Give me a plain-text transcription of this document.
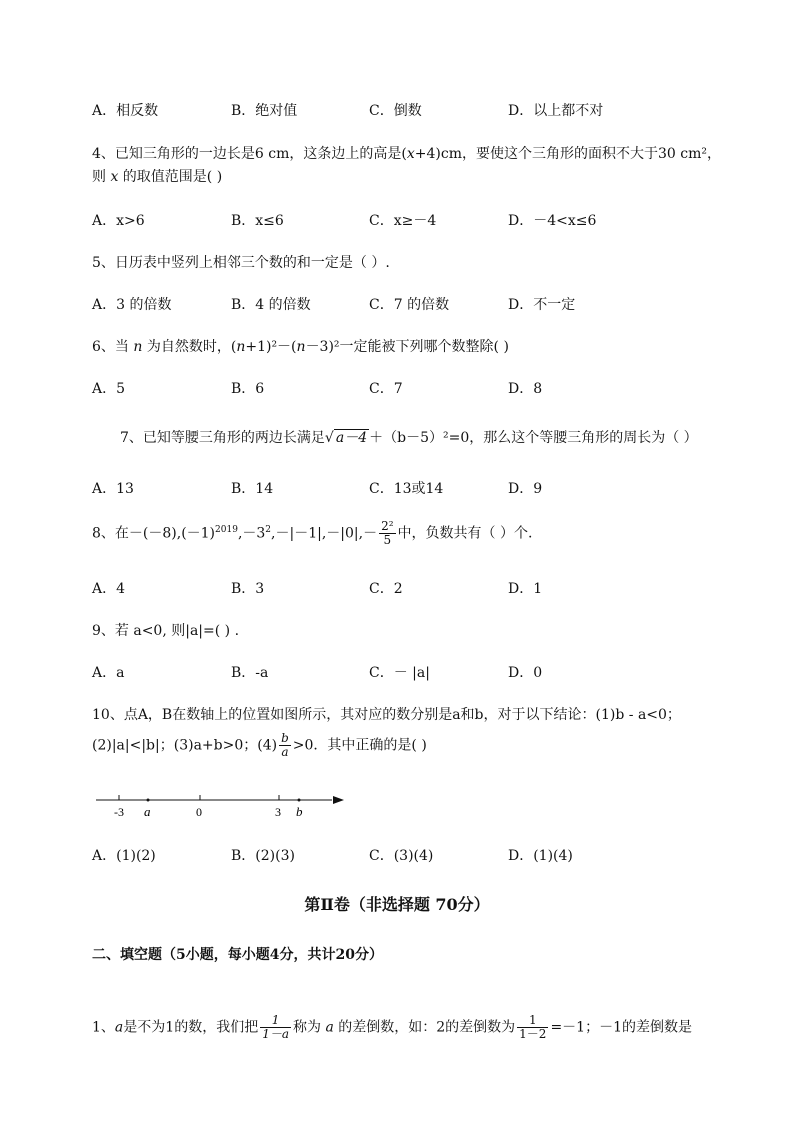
A．相反数	B．绝对值	C．倒数	D．以上都不对
4、已知三角形的一边长是6 cm，这条边上的高是(x+4)cm，要使这个三角形的面积不大于30 cm²，
则 x 的取值范围是( )
A．x>6	B．x≤6	C．x≥－4	D．－4<x≤6
5、日历表中竖列上相邻三个数的和一定是（ ）.
A．3 的倍数	B．4 的倍数	C．7 的倍数	D．不一定
6、当 n 为自然数时，(n+1)²－(n－3)²一定能被下列哪个数整除( )
A．5	B．6	C．7	D．8
7、已知等腰三角形的两边长满足√ a－4 ＋（b－5）²=0，那么这个等腰三角形的周长为（ ）
A．13	B．14	C．13或14	D．9
8、在$-(-8),(-1)^{2019},-3^2,-|-1|,-|0|,- \frac{\text{2²}}{5}$ 中，负数共有（ ）个.
A．4	B．3	C．2	D．1
9、若 a<0, 则|a|=( ) .
A．a	B．-a	C．－ |a|	D．0
10、点A，B在数轴上的位置如图所示，其对应的数分别是a和b，对于以下结论：(1)b - a<0；
(2)|a|<|b|；(3)a+b>0；$(4) \frac{b}{a} >0$．其中正确的是( )
-3 a	0	3 b
A．(1)(2)	B．(2)(3)	C．(3)(4)	D．(1)(4)
第Ⅱ卷（非选择题 70分）
二、填空题（5小题，每小题4分，共计20分）
1、a是不为1的数，我们把 $\frac{1}{1-a}$ 称为 a 的差倒数，如：2的差倒数为 $\frac{1}{1-2} =-1$；－1的差倒数是
